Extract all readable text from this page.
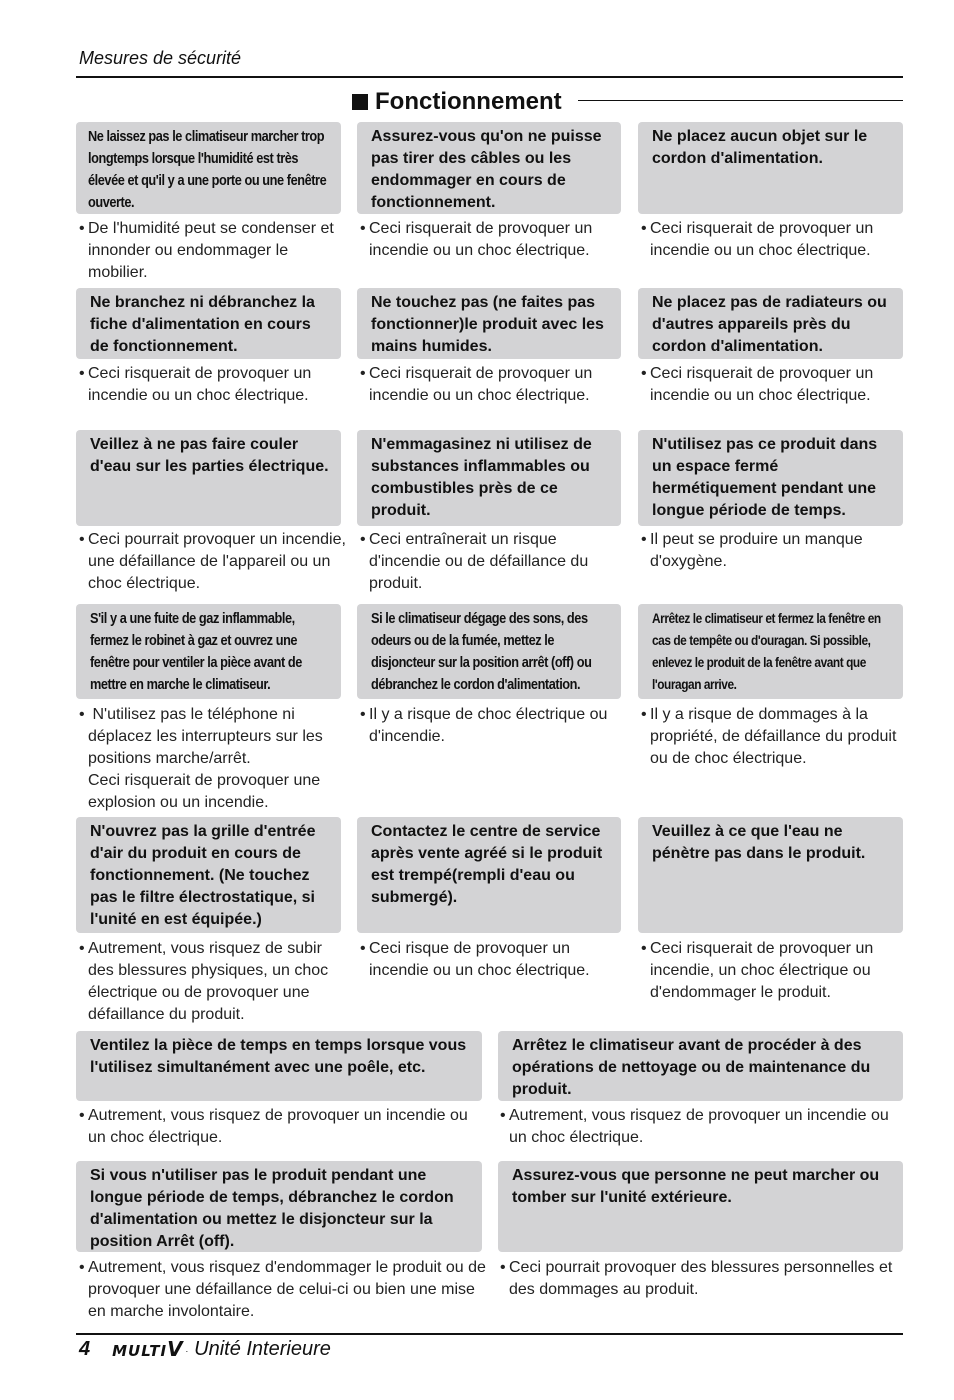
Mesures de sécurité
Fonctionnement
Ne laissez pas le climatiseur marcher trop longtemps lorsque l'humidité est très élevée et qu'il y a une porte ou une fenêtre ouverte.
• De l'humidité peut se condenser et innonder ou endommager le mobilier.
Assurez-vous qu'on ne puisse pas tirer des câbles ou les endommager en cours de fonctionnement.
• Ceci risquerait de provoquer un incendie ou un choc électrique.
Ne placez aucun objet sur le cordon d'alimentation.
• Ceci risquerait de provoquer un incendie ou un choc électrique.
Ne branchez ni débranchez la fiche d'alimentation en cours de fonctionnement.
• Ceci risquerait de provoquer un incendie ou un choc électrique.
Ne touchez pas (ne faites pas fonctionner)le produit avec les mains humides.
• Ceci risquerait de provoquer un incendie ou un choc électrique.
Ne placez pas de radiateurs ou d'autres appareils près du cordon d'alimentation.
• Ceci risquerait de provoquer un incendie ou un choc électrique.
Veillez à ne pas faire couler d'eau sur les parties électrique.
• Ceci pourrait provoquer un incendie, une défaillance de l'appareil ou un choc électrique.
N'emmagasinez ni utilisez de substances inflammables ou combustibles près de ce produit.
• Ceci entraînerait un risque d'incendie ou de défaillance du produit.
N'utilisez pas ce produit dans un espace fermé hermétiquement pendant une longue période de temps.
• Il peut se produire un manque d'oxygène.
S'il y a une fuite de gaz inflammable, fermez le robinet à gaz et ouvrez une fenêtre pour ventiler la pièce avant de mettre en marche le climatiseur.
• N'utilisez pas le téléphone ni déplacez les interrupteurs sur les positions marche/arrêt.
Ceci risquerait de provoquer une explosion ou un incendie.
Si le climatiseur dégage des sons, des odeurs ou de la fumée, mettez le disjoncteur sur la position arrêt (off) ou débranchez le cordon d'alimentation.
• Il y a risque de choc électrique ou d'incendie.
Arrêtez le climatiseur et fermez la fenêtre en cas de tempête ou d'ouragan. Si possible, enlevez le produit de la fenêtre avant que l'ouragan arrive.
• Il y a risque de dommages à la propriété, de défaillance du produit ou de choc électrique.
N'ouvrez pas la grille d'entrée d'air du produit en cours de fonctionnement. (Ne touchez pas le filtre électrostatique, si l'unité en est équipée.)
• Autrement, vous risquez de subir des blessures physiques, un choc électrique ou de provoquer une défaillance du produit.
Contactez le centre de service après vente agréé si le produit est trempé(rempli d'eau ou submergé).
• Ceci risque de provoquer un incendie ou un choc électrique.
Veuillez à ce que l'eau ne pénètre pas dans le produit.
• Ceci risquerait de provoquer un incendie, un choc électrique ou d'endommager le produit.
Ventilez la pièce de temps en temps lorsque vous l'utilisez simultanément avec une poêle, etc.
• Autrement, vous risquez de provoquer un incendie ou un choc électrique.
Arrêtez le climatiseur avant de procéder à des opérations de nettoyage ou de maintenance du produit.
• Autrement, vous risquez de provoquer un incendie ou un choc électrique.
Si vous n'utiliser pas le produit pendant une longue période de temps, débranchez le cordon d'alimentation ou mettez le disjoncteur sur la position Arrêt (off).
• Autrement, vous risquez d'endommager le produit ou de provoquer une défaillance de celui-ci ou bien une mise en marche involontaire.
Assurez-vous que personne ne peut marcher ou tomber sur l'unité extérieure.
• Ceci pourrait provoquer des blessures personnelles et des dommages au produit.
4 MULTIV . Unité Interieure
